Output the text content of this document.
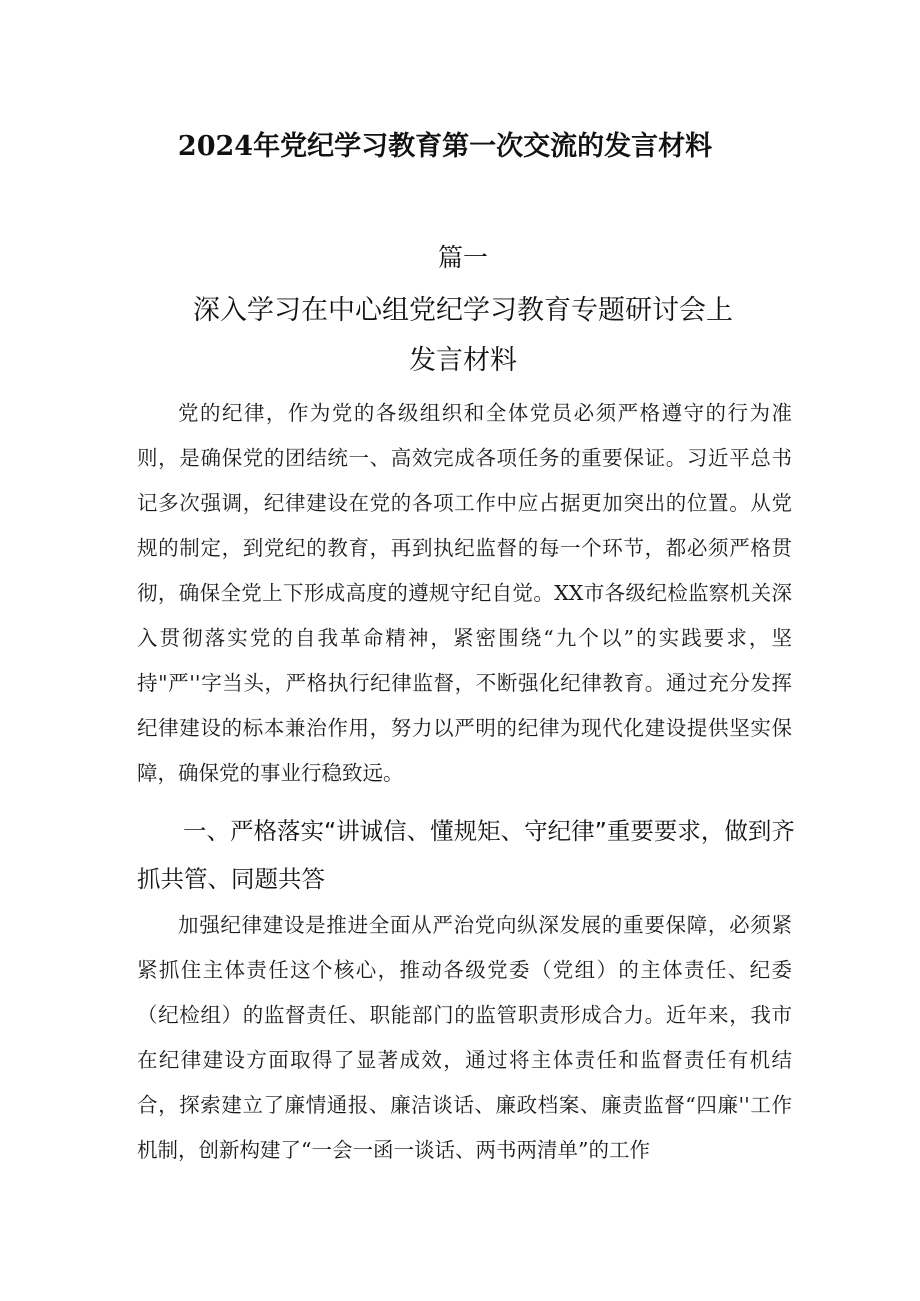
2024年党纪学习教育第一次交流的发言材料
篇一
深入学习在中心组党纪学习教育专题研讨会上
发言材料

党的纪律，作为党的各级组织和全体党员必须严格遵守的行为准则，是确保党的团结统一、高效完成各项任务的重要保证。习近平总书记多次强调，纪律建设在党的各项工作中应占据更加突出的位置。从党规的制定，到党纪的教育，再到执纪监督的每一个环节，都必须严格贯彻，确保全党上下形成高度的遵规守纪自觉。XX市各级纪检监察机关深入贯彻落实党的自我革命精神，紧密围绕“九个以”的实践要求，坚持"严''字当头，严格执行纪律监督，不断强化纪律教育。通过充分发挥纪律建设的标本兼治作用，努力以严明的纪律为现代化建设提供坚实保障，确保党的事业行稳致远。

一、严格落实“讲诚信、懂规矩、守纪律”重要要求，做到齐抓共管、同题共答

加强纪律建设是推进全面从严治党向纵深发展的重要保障，必须紧紧抓住主体责任这个核心，推动各级党委（党组）的主体责任、纪委（纪检组）的监督责任、职能部门的监管职责形成合力。近年来，我市在纪律建设方面取得了显著成效，通过将主体责任和监督责任有机结合，探索建立了廉情通报、廉洁谈话、廉政档案、廉责监督“四廉''工作机制，创新构建了“一会一函一谈话、两书两清单”的工作
